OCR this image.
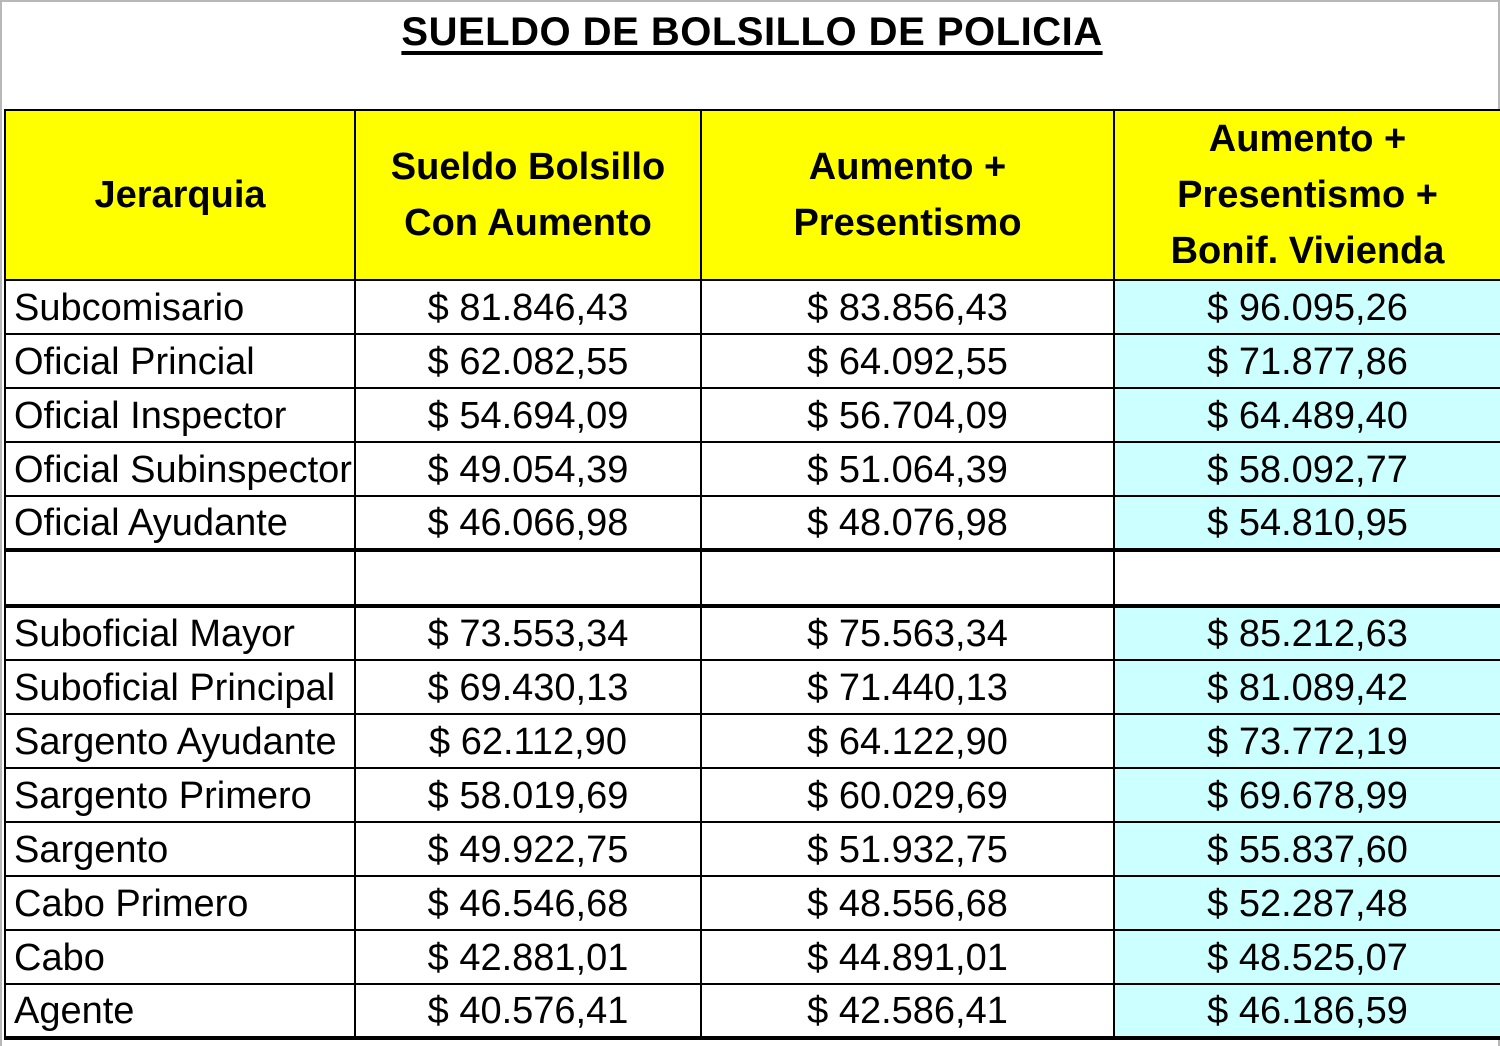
SUELDO DE BOLSILLO DE POLICIA
Jerarquia	Sueldo Bolsillo Con Aumento	Aumento + Presentismo	Aumento + Presentismo + Bonif. Vivienda
Subcomisario	$ 81.846,43	$ 83.856,43	$ 96.095,26
Oficial Princial	$ 62.082,55	$ 64.092,55	$ 71.877,86
Oficial Inspector	$ 54.694,09	$ 56.704,09	$ 64.489,40
Oficial Subinspector	$ 49.054,39	$ 51.064,39	$ 58.092,77
Oficial Ayudante	$ 46.066,98	$ 48.076,98	$ 54.810,95

Suboficial Mayor	$ 73.553,34	$ 75.563,34	$ 85.212,63
Suboficial Principal	$ 69.430,13	$ 71.440,13	$ 81.089,42
Sargento Ayudante	$ 62.112,90	$ 64.122,90	$ 73.772,19
Sargento Primero	$ 58.019,69	$ 60.029,69	$ 69.678,99
Sargento	$ 49.922,75	$ 51.932,75	$ 55.837,60
Cabo Primero	$ 46.546,68	$ 48.556,68	$ 52.287,48
Cabo	$ 42.881,01	$ 44.891,01	$ 48.525,07
Agente	$ 40.576,41	$ 42.586,41	$ 46.186,59
